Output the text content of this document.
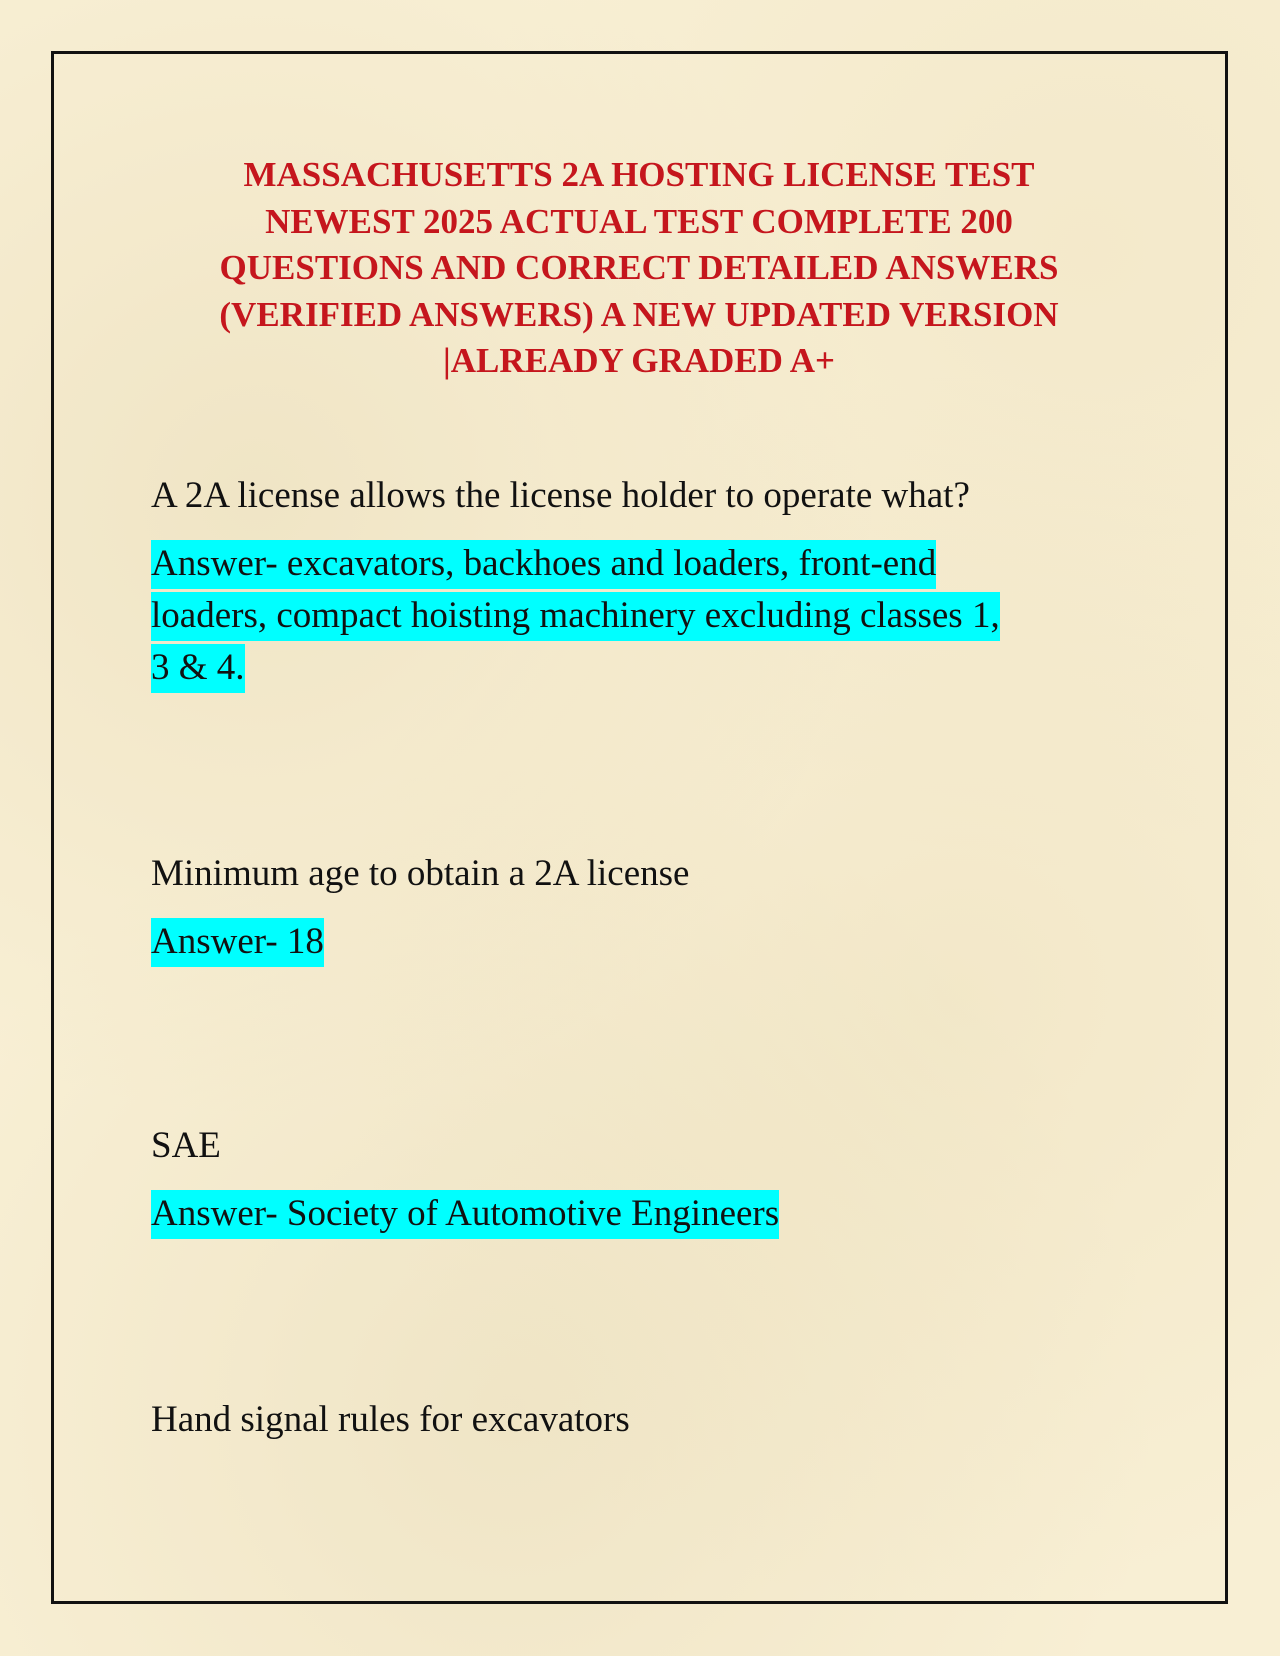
MASSACHUSETTS 2A HOSTING LICENSE TEST
NEWEST 2025 ACTUAL TEST COMPLETE 200
QUESTIONS AND CORRECT DETAILED ANSWERS
(VERIFIED ANSWERS) A NEW UPDATED VERSION
|ALREADY GRADED A+

A 2A license allows the license holder to operate what?

Answer- excavators, backhoes and loaders, front-end
loaders, compact hoisting machinery excluding classes 1,
3 & 4.

Minimum age to obtain a 2A license

Answer- 18

SAE

Answer- Society of Automotive Engineers

Hand signal rules for excavators
